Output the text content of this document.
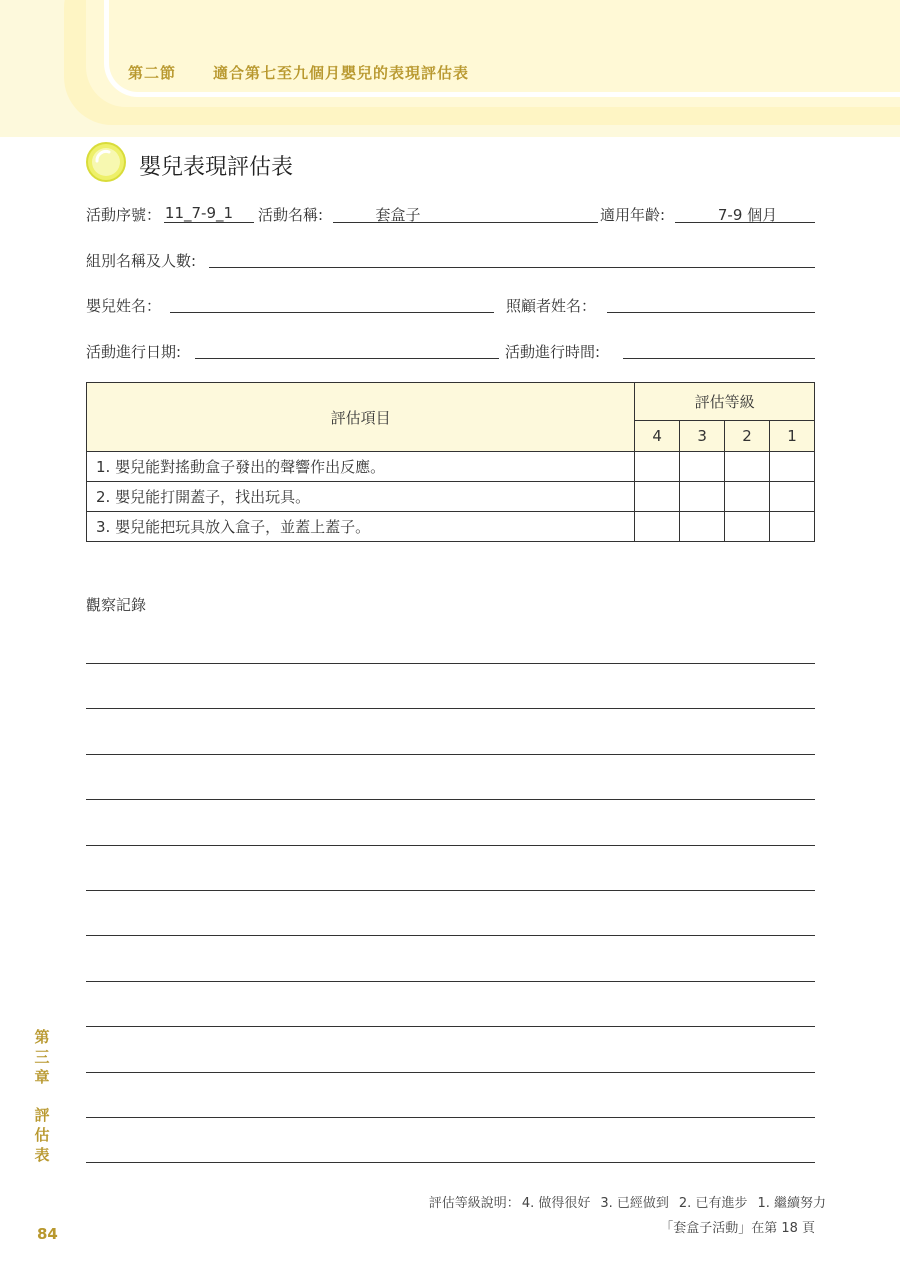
第二節 適合第七至九個月嬰兒的表現評估表
嬰兒表現評估表
活動序號： 11_7-9_1 活動名稱:	套盒子	適用年齡:	7-9 個月
組別名稱及人數:
嬰兒姓名：	照顧者姓名：
活動進行日期:	活動進行時間:
評估項目	評估等級			
	4	3	2	1
1. 嬰兒能對搖動盒子發出的聲響作出反應。				
2. 嬰兒能打開蓋子，找出玩具。				
3. 嬰兒能把玩具放入盒子，並蓋上蓋子。				
觀察記錄
第
三
章
評
估
表
84
評估等級說明： 4. 做得很好 3. 已經做到 2. 已有進步 1. 繼續努力
「套盒子活動」在第 18 頁
